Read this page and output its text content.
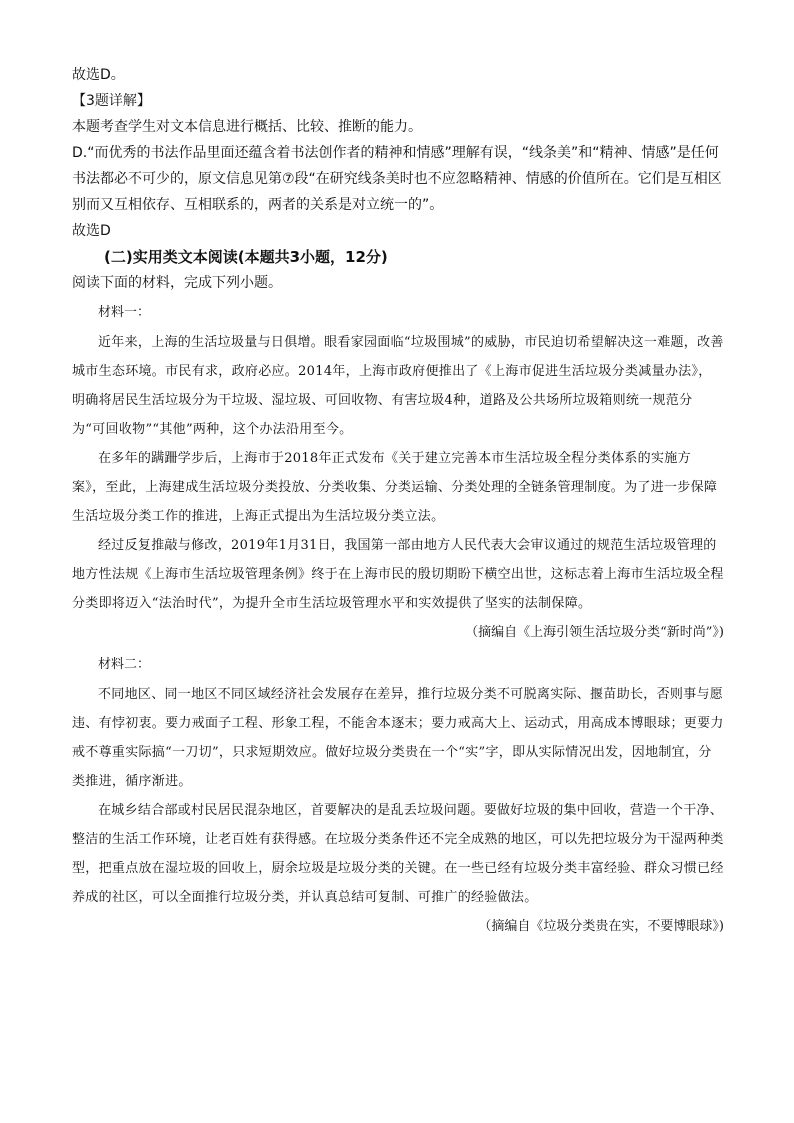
故选D。

【3题详解】

本题考查学生对文本信息进行概括、比较、推断的能力。

D.“而优秀的书法作品里面还蕴含着书法创作者的精神和情感”理解有误，“线条美”和“精神、情感”是任何书法都必不可少的，原文信息见第⑦段“在研究线条美时也不应忽略精神、情感的价值所在。它们是互相区别而又互相依存、互相联系的，两者的关系是对立统一的”。

故选D

(二)实用类文本阅读(本题共3小题，12分)

阅读下面的材料，完成下列小题。

材料一：

近年来，上海的生活垃圾量与日俱增。眼看家园面临“垃圾围城”的威胁，市民迫切希望解决这一难题，改善城市生态环境。市民有求，政府必应。2014年，上海市政府便推出了《上海市促进生活垃圾分类减量办法》，明确将居民生活垃圾分为干垃圾、湿垃圾、可回收物、有害垃圾4种，道路及公共场所垃圾箱则统一规范分为“可回收物”“其他”两种，这个办法沿用至今。

在多年的蹒跚学步后，上海市于2018年正式发布《关于建立完善本市生活垃圾全程分类体系的实施方案》，至此，上海建成生活垃圾分类投放、分类收集、分类运输、分类处理的全链条管理制度。为了进一步保障生活垃圾分类工作的推进，上海正式提出为生活垃圾分类立法。

经过反复推敲与修改，2019年1月31日，我国第一部由地方人民代表大会审议通过的规范生活垃圾管理的地方性法规《上海市生活垃圾管理条例》终于在上海市民的殷切期盼下横空出世，这标志着上海市生活垃圾全程分类即将迈入“法治时代”，为提升全市生活垃圾管理水平和实效提供了坚实的法制保障。

（摘编自《上海引领生活垃圾分类“新时尚”》)

材料二：

不同地区、同一地区不同区域经济社会发展存在差异，推行垃圾分类不可脱离实际、揠苗助长，否则事与愿违、有悖初衷。要力戒面子工程、形象工程，不能舍本逐末；要力戒高大上、运动式，用高成本博眼球；更要力戒不尊重实际搞“一刀切”，只求短期效应。做好垃圾分类贵在一个“实”字，即从实际情况出发，因地制宜，分类推进，循序渐进。

在城乡结合部或村民居民混杂地区，首要解决的是乱丢垃圾问题。要做好垃圾的集中回收，营造一个干净、整洁的生活工作环境，让老百姓有获得感。在垃圾分类条件还不完全成熟的地区，可以先把垃圾分为干湿两种类型，把重点放在湿垃圾的回收上，厨余垃圾是垃圾分类的关键。在一些已经有垃圾分类丰富经验、群众习惯已经养成的社区，可以全面推行垃圾分类，并认真总结可复制、可推广的经验做法。

（摘编自《垃圾分类贵在实，不要博眼球》)
